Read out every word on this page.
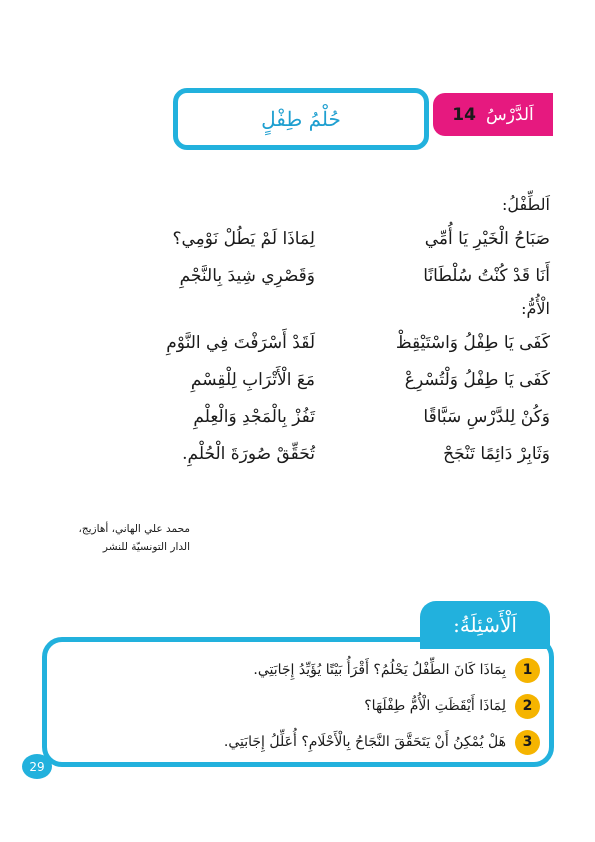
اَلدَّرْسُ
14
حُلْمُ طِفْلٍ
اَلطِّفْلُ:
صَبَاحُ الْخَيْرِ يَا أُمِّي
لِمَاذَا لَمْ يَطُلْ نَوْمِي؟
أَنَا قَدْ كُنْتُ سُلْطَانًا
وَقَصْرِي شِيدَ بِالنَّجْمِ
الْأُمُّ:
كَفَى يَا طِفْلُ وَاسْتَيْقِظْ
لَقَدْ أَسْرَفْتَ فِي النَّوْمِ
كَفَى يَا طِفْلُ وَلْتُسْرِعْ
مَعَ الْأَتْرَابِ لِلْقِسْمِ
وَكُنْ لِلدَّرْسِ سَبَّاقًا
تَفُزْ بِالْمَجْدِ وَالْعِلْمِ
وَثَابِرْ دَائِمًا تَنْجَحْ
تُحَقِّقْ صُورَةَ الْحُلْمِ.
محمد علي الهاني، أهازيج،
الدار التونسيّة للنشر
اَلْأَسْئِلَةُ:
1
بِمَاذَا كَانَ الطِّفْلُ يَحْلُمُ؟ أَقْرَأُ بَيْتًا يُؤَيِّدُ إِجَابَتِي.
2
لِمَاذَا أَيْقَظَتِ الْأُمُّ طِفْلَهَا؟
3
هَلْ يُمْكِنُ أَنْ يَتَحَقَّقَ النَّجَاحُ بِالْأَحْلَامِ؟ أُعَلِّلُ إِجَابَتِي.
29
